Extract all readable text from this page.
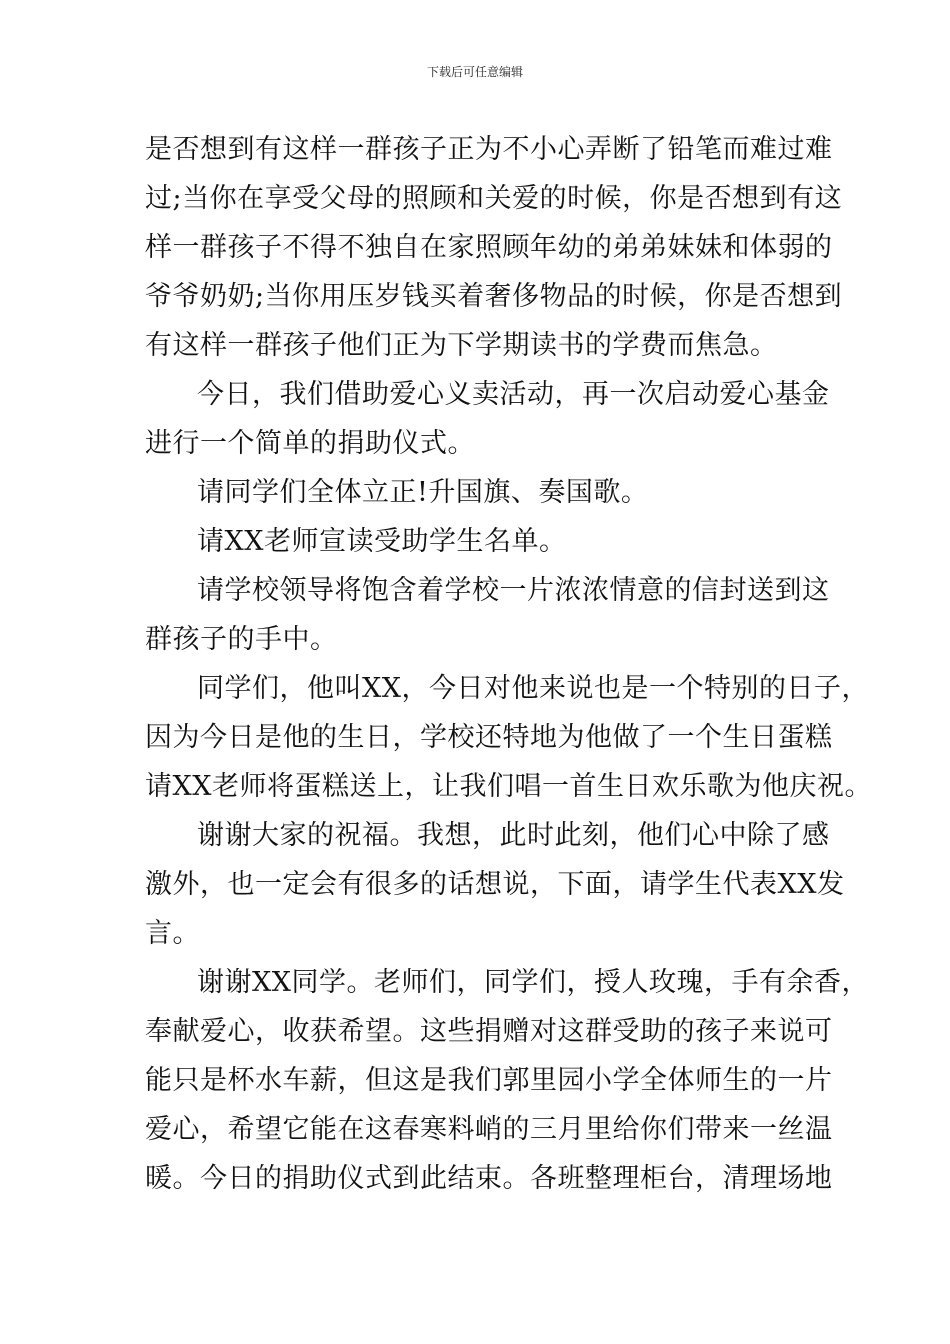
下载后可任意编辑
是否想到有这样一群孩子正为不小心弄断了铅笔而难过难
过;当你在享受父母的照顾和关爱的时候，你是否想到有这
样一群孩子不得不独自在家照顾年幼的弟弟妹妹和体弱的
爷爷奶奶;当你用压岁钱买着奢侈物品的时候，你是否想到
有这样一群孩子他们正为下学期读书的学费而焦急。
今日，我们借助爱心义卖活动，再一次启动爱心基金
进行一个简单的捐助仪式。
请同学们全体立正!升国旗、奏国歌。
请XX老师宣读受助学生名单。
请学校领导将饱含着学校一片浓浓情意的信封送到这
群孩子的手中。
同学们，他叫XX，今日对他来说也是一个特别的日子，
因为今日是他的生日，学校还特地为他做了一个生日蛋糕
请XX老师将蛋糕送上，让我们唱一首生日欢乐歌为他庆祝。
谢谢大家的祝福。我想，此时此刻，他们心中除了感
激外，也一定会有很多的话想说，下面，请学生代表XX发
言。
谢谢XX同学。老师们，同学们，授人玫瑰，手有余香，
奉献爱心，收获希望。这些捐赠对这群受助的孩子来说可
能只是杯水车薪，但这是我们郭里园小学全体师生的一片
爱心，希望它能在这春寒料峭的三月里给你们带来一丝温
暖。今日的捐助仪式到此结束。各班整理柜台，清理场地
